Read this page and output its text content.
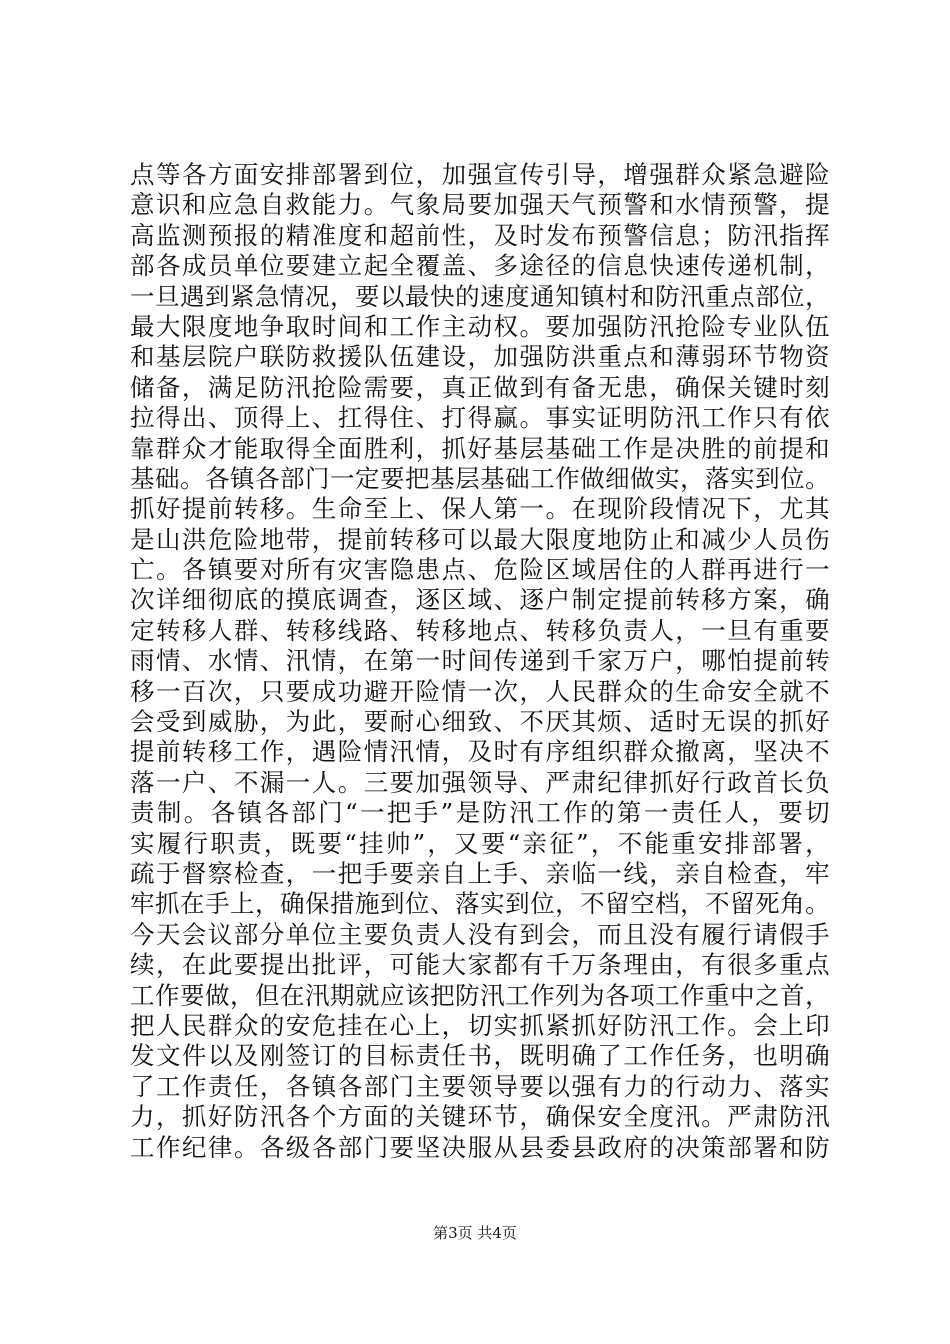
点等各方面安排部署到位，加强宣传引导，增强群众紧急避险
意识和应急自救能力。气象局要加强天气预警和水情预警，提
高监测预报的精准度和超前性，及时发布预警信息；防汛指挥
部各成员单位要建立起全覆盖、多途径的信息快速传递机制，
一旦遇到紧急情况，要以最快的速度通知镇村和防汛重点部位，
最大限度地争取时间和工作主动权。要加强防汛抢险专业队伍
和基层院户联防救援队伍建设，加强防洪重点和薄弱环节物资
储备，满足防汛抢险需要，真正做到有备无患，确保关键时刻
拉得出、顶得上、扛得住、打得赢。事实证明防汛工作只有依
靠群众才能取得全面胜利，抓好基层基础工作是决胜的前提和
基础。各镇各部门一定要把基层基础工作做细做实，落实到位。
抓好提前转移。生命至上、保人第一。在现阶段情况下，尤其
是山洪危险地带，提前转移可以最大限度地防止和减少人员伤
亡。各镇要对所有灾害隐患点、危险区域居住的人群再进行一
次详细彻底的摸底调查，逐区域、逐户制定提前转移方案，确
定转移人群、转移线路、转移地点、转移负责人，一旦有重要
雨情、水情、汛情，在第一时间传递到千家万户，哪怕提前转
移一百次，只要成功避开险情一次，人民群众的生命安全就不
会受到威胁，为此，要耐心细致、不厌其烦、适时无误的抓好
提前转移工作，遇险情汛情，及时有序组织群众撤离，坚决不
落一户、不漏一人。三要加强领导、严肃纪律抓好行政首长负
责制。各镇各部门“一把手”是防汛工作的第一责任人，要切
实履行职责，既要“挂帅”，又要“亲征”，不能重安排部署，
疏于督察检查，一把手要亲自上手、亲临一线，亲自检查，牢
牢抓在手上，确保措施到位、落实到位，不留空档，不留死角。
今天会议部分单位主要负责人没有到会，而且没有履行请假手
续，在此要提出批评，可能大家都有千万条理由，有很多重点
工作要做，但在汛期就应该把防汛工作列为各项工作重中之首，
把人民群众的安危挂在心上，切实抓紧抓好防汛工作。会上印
发文件以及刚签订的目标责任书，既明确了工作任务，也明确
了工作责任，各镇各部门主要领导要以强有力的行动力、落实
力，抓好防汛各个方面的关键环节，确保安全度汛。严肃防汛
工作纪律。各级各部门要坚决服从县委县政府的决策部署和防
第3页 共4页
